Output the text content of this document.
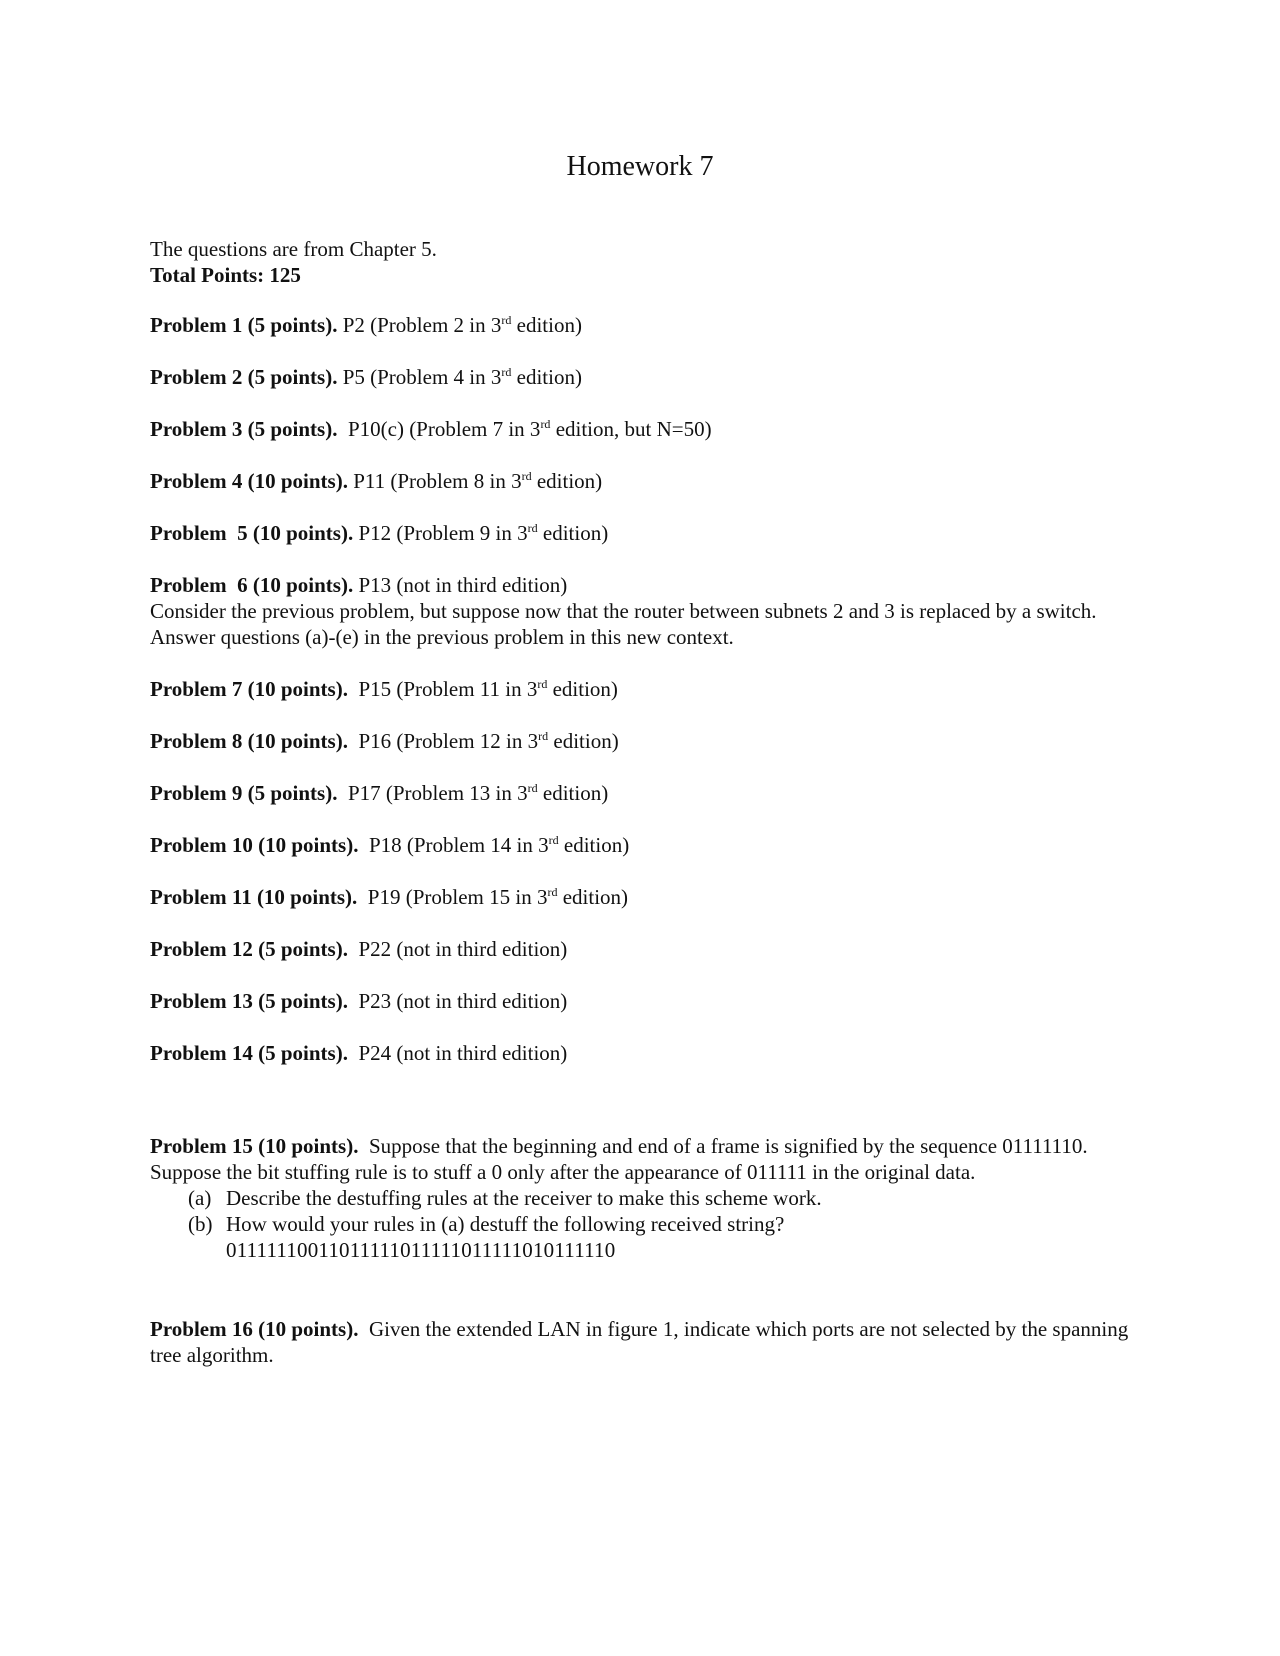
Homework 7
The questions are from Chapter 5.
Total Points: 125
Problem 1 (5 points). P2 (Problem 2 in 3rd edition)
Problem 2 (5 points). P5 (Problem 4 in 3rd edition)
Problem 3 (5 points).  P10(c) (Problem 7 in 3rd edition, but N=50)
Problem 4 (10 points). P11 (Problem 8 in 3rd edition)
Problem  5 (10 points). P12 (Problem 9 in 3rd edition)
Problem  6 (10 points). P13 (not in third edition)
Consider the previous problem, but suppose now that the router between subnets 2 and 3 is replaced by a switch. Answer questions (a)-(e) in the previous problem in this new context.
Problem 7 (10 points).  P15 (Problem 11 in 3rd edition)
Problem 8 (10 points).  P16 (Problem 12 in 3rd edition)
Problem 9 (5 points).  P17 (Problem 13 in 3rd edition)
Problem 10 (10 points).  P18 (Problem 14 in 3rd edition)
Problem 11 (10 points).  P19 (Problem 15 in 3rd edition)
Problem 12 (5 points).  P22 (not in third edition)
Problem 13 (5 points).  P23 (not in third edition)
Problem 14 (5 points).  P24 (not in third edition)
Problem 15 (10 points).  Suppose that the beginning and end of a frame is signified by the sequence 01111110. Suppose the bit stuffing rule is to stuff a 0 only after the appearance of 011111 in the original data.
(a) Describe the destuffing rules at the receiver to make this scheme work.
(b) How would your rules in (a) destuff the following received string?
01111110011011111011111011111010111110
Problem 16 (10 points).  Given the extended LAN in figure 1, indicate which ports are not selected by the spanning tree algorithm.
